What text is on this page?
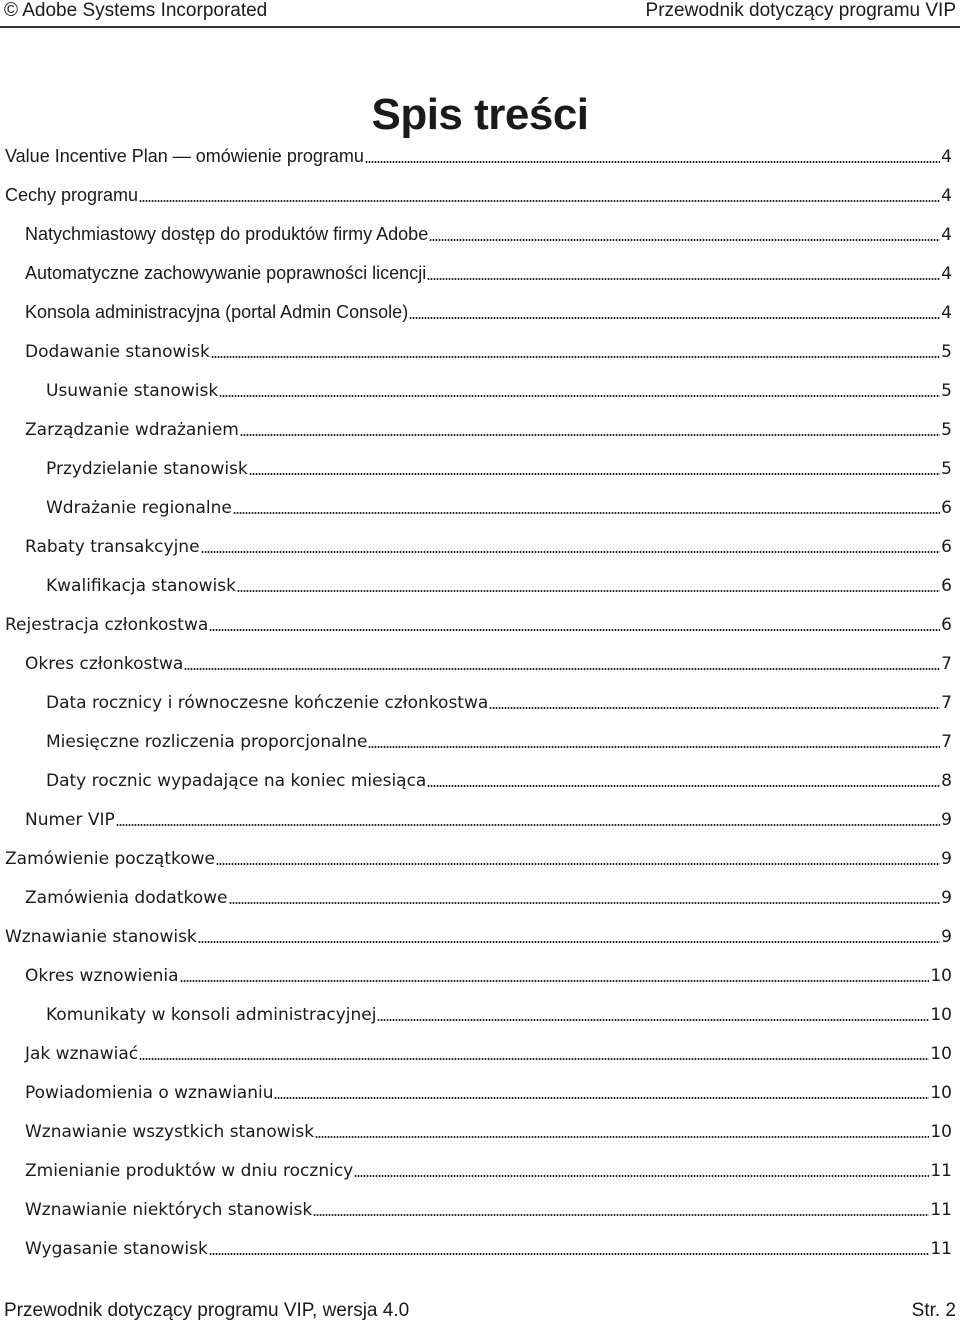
© Adobe Systems Incorporated	Przewodnik dotyczący programu VIP
Spis treści
Value Incentive Plan — omówienie programu	4
Cechy programu	4
Natychmiastowy dostęp do produktów firmy Adobe	4
Automatyczne zachowywanie poprawności licencji	4
Konsola administracyjna (portal Admin Console)	4
Dodawanie stanowisk	5
Usuwanie stanowisk	5
Zarządzanie wdrażaniem	5
Przydzielanie stanowisk	5
Wdrażanie regionalne	6
Rabaty transakcyjne	6
Kwalifikacja stanowisk	6
Rejestracja członkostwa	6
Okres członkostwa	7
Data rocznicy i równoczesne kończenie członkostwa	7
Miesięczne rozliczenia proporcjonalne	7
Daty rocznic wypadające na koniec miesiąca	8
Numer VIP	9
Zamówienie początkowe	9
Zamówienia dodatkowe	9
Wznawianie stanowisk	9
Okres wznowienia	10
Komunikaty w konsoli administracyjnej	10
Jak wznawiać	10
Powiadomienia o wznawianiu	10
Wznawianie wszystkich stanowisk	10
Zmienianie produktów w dniu rocznicy	11
Wznawianie niektórych stanowisk	11
Wygasanie stanowisk	11
Przewodnik dotyczący programu VIP, wersja 4.0	Str. 2
